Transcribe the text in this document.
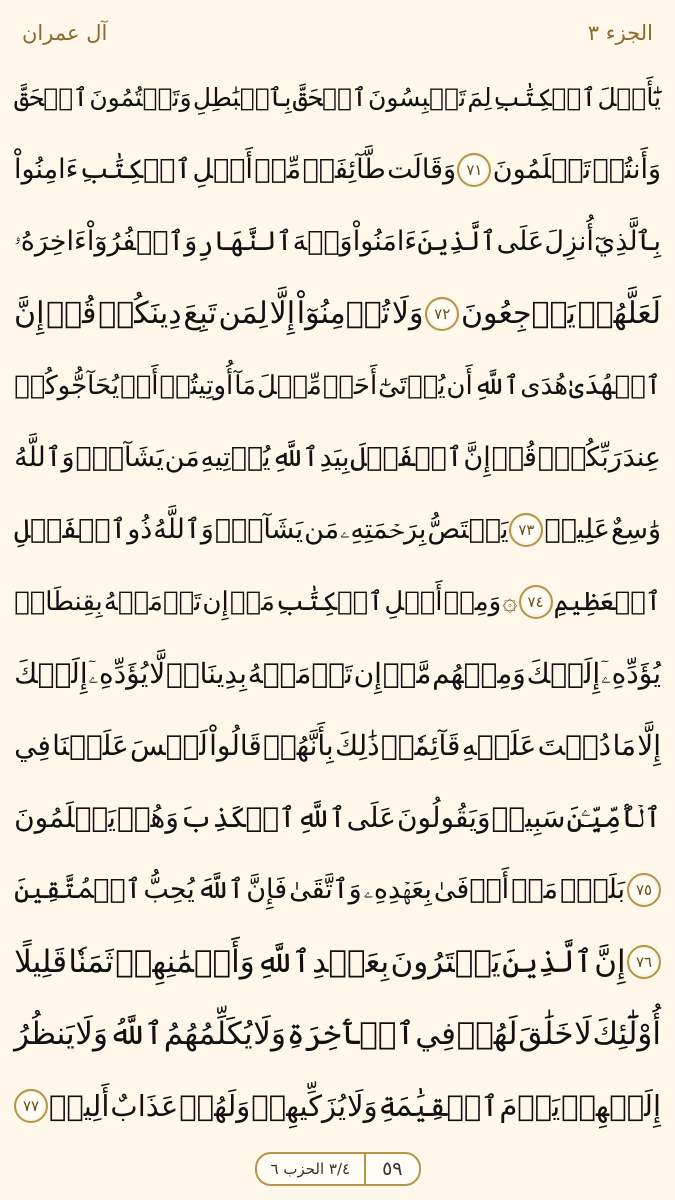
الجزء ٣
آل عمران
يَٰٓأَهۡلَ
ٱلۡكِتَٰبِ
لِمَ
تَلۡبِسُونَ
ٱلۡحَقَّ
بِٱلۡبَٰطِلِ
وَتَكۡتُمُونَ
ٱلۡحَقَّ
وَأَنتُمۡ
تَعۡلَمُونَ
٧١
وَقَالَت
طَّآئِفَةٞ
مِّنۡ
أَهۡلِ
ٱلۡكِتَٰبِ
ءَامِنُواْ
بِٱلَّذِيٓ
أُنزِلَ
عَلَى
ٱلَّذِينَ
ءَامَنُواْ
وَجۡهَ
ٱلنَّهَارِ
وَٱكۡفُرُوٓاْ
ءَاخِرَهُۥ
لَعَلَّهُمۡ
يَرۡجِعُونَ
٧٢
وَلَا
تُؤۡمِنُوٓاْ
إِلَّا
لِمَن
تَبِعَ
دِينَكُمۡ
قُلۡ
إِنَّ
ٱلۡهُدَىٰ
هُدَى
ٱللَّهِ
أَن
يُؤۡتَىٰٓ
أَحَدٞ
مِّثۡلَ
مَآ
أُوتِيتُمۡ
أَوۡ
يُحَآجُّوكُمۡ
عِندَ
رَبِّكُمۡۗ
قُلۡ
إِنَّ
ٱلۡفَضۡلَ
بِيَدِ
ٱللَّهِ
يُؤۡتِيهِ
مَن
يَشَآءُۗ
وَٱللَّهُ
وَٰسِعٌ
عَلِيمٞ
٧٣
يَخۡتَصُّ
بِرَحۡمَتِهِۦ
مَن
يَشَآءُۗ
وَٱللَّهُ
ذُو
ٱلۡفَضۡلِ
ٱلۡعَظِيمِ
٧٤
۞
وَمِنۡ
أَهۡلِ
ٱلۡكِتَٰبِ
مَنۡ
إِن
تَأۡمَنۡهُ
بِقِنطَارٖ
يُؤَدِّهِۦٓ
إِلَيۡكَ
وَمِنۡهُم
مَّنۡ
إِن
تَأۡمَنۡهُ
بِدِينَارٖ
لَّا
يُؤَدِّهِۦٓ
إِلَيۡكَ
إِلَّا
مَا
دُمۡتَ
عَلَيۡهِ
قَآئِمٗاۗ
ذَٰلِكَ
بِأَنَّهُمۡ
قَالُواْ
لَيۡسَ
عَلَيۡنَا
فِي
ٱلۡأُمِّيِّـۧنَ
سَبِيلٞ
وَيَقُولُونَ
عَلَى
ٱللَّهِ
ٱلۡكَذِبَ
وَهُمۡ
يَعۡلَمُونَ
٧٥
بَلَىٰۚ
مَنۡ
أَوۡفَىٰ
بِعَهۡدِهِۦ
وَٱتَّقَىٰ
فَإِنَّ
ٱللَّهَ
يُحِبُّ
ٱلۡمُتَّقِينَ
٧٦
إِنَّ
ٱلَّذِينَ
يَشۡتَرُونَ
بِعَهۡدِ
ٱللَّهِ
وَأَيۡمَٰنِهِمۡ
ثَمَنٗا
قَلِيلًا
أُوْلَٰٓئِكَ
لَا
خَلَٰقَ
لَهُمۡ
فِي
ٱلۡأٓخِرَةِ
وَلَا
يُكَلِّمُهُمُ
ٱللَّهُ
وَلَا
يَنظُرُ
إِلَيۡهِمۡ
يَوۡمَ
ٱلۡقِيَٰمَةِ
وَلَا
يُزَكِّيهِمۡ
وَلَهُمۡ
عَذَابٌ
أَلِيمٞ
٧٧
٥٩
٣/٤ الحزب ٦
